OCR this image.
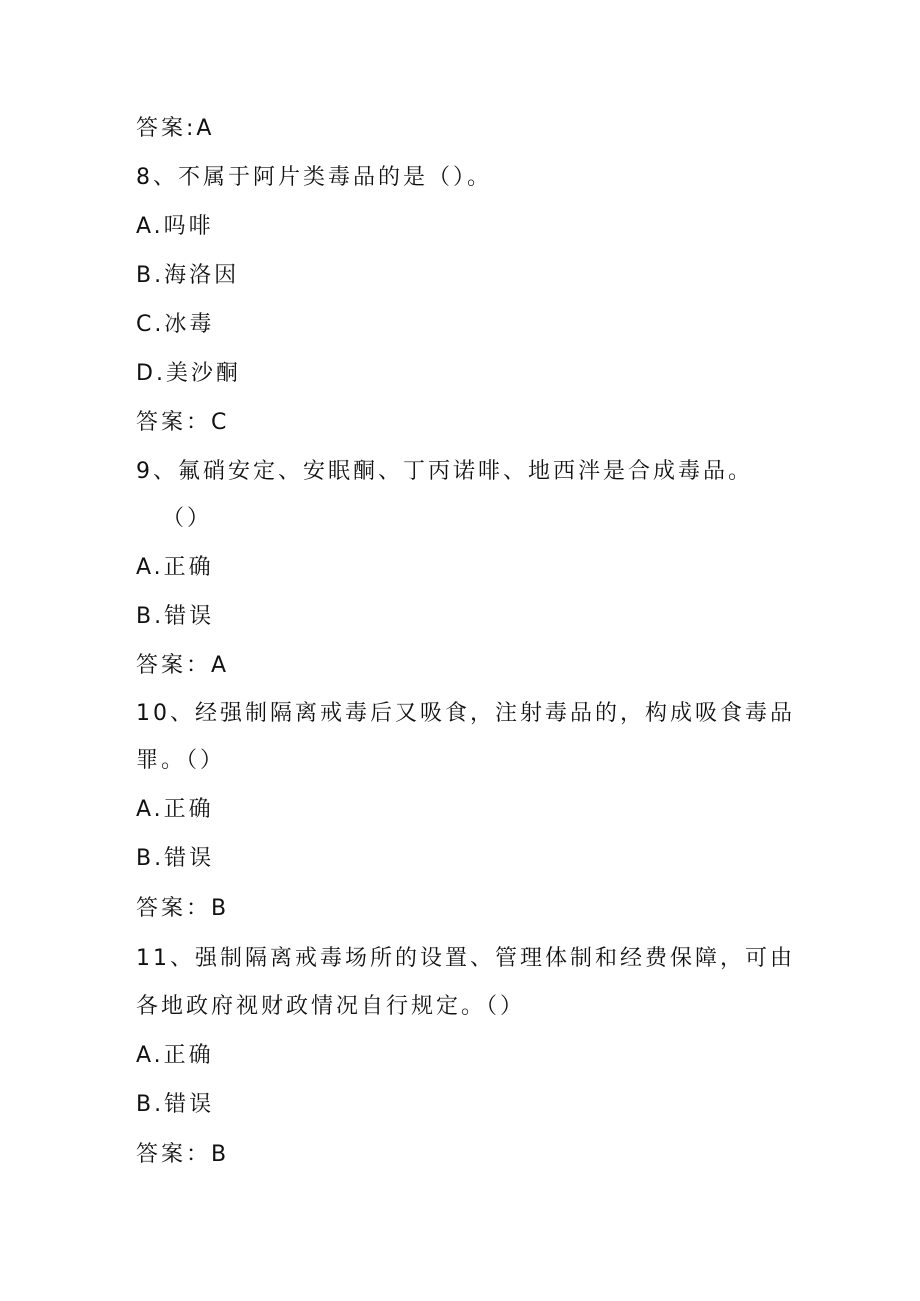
答案:A
8、不属于阿片类毒品的是（）。
A.吗啡
B.海洛因
C.冰毒
D.美沙酮
答案：C
9、氟硝安定、安眠酮、丁丙诺啡、地西泮是合成毒品。
（）
A.正确
B.错误
答案：A
10、经强制隔离戒毒后又吸食，注射毒品的，构成吸食毒品
罪。（）
A.正确
B.错误
答案：B
11、强制隔离戒毒场所的设置、管理体制和经费保障，可由
各地政府视财政情况自行规定。（）
A.正确
B.错误
答案：B
